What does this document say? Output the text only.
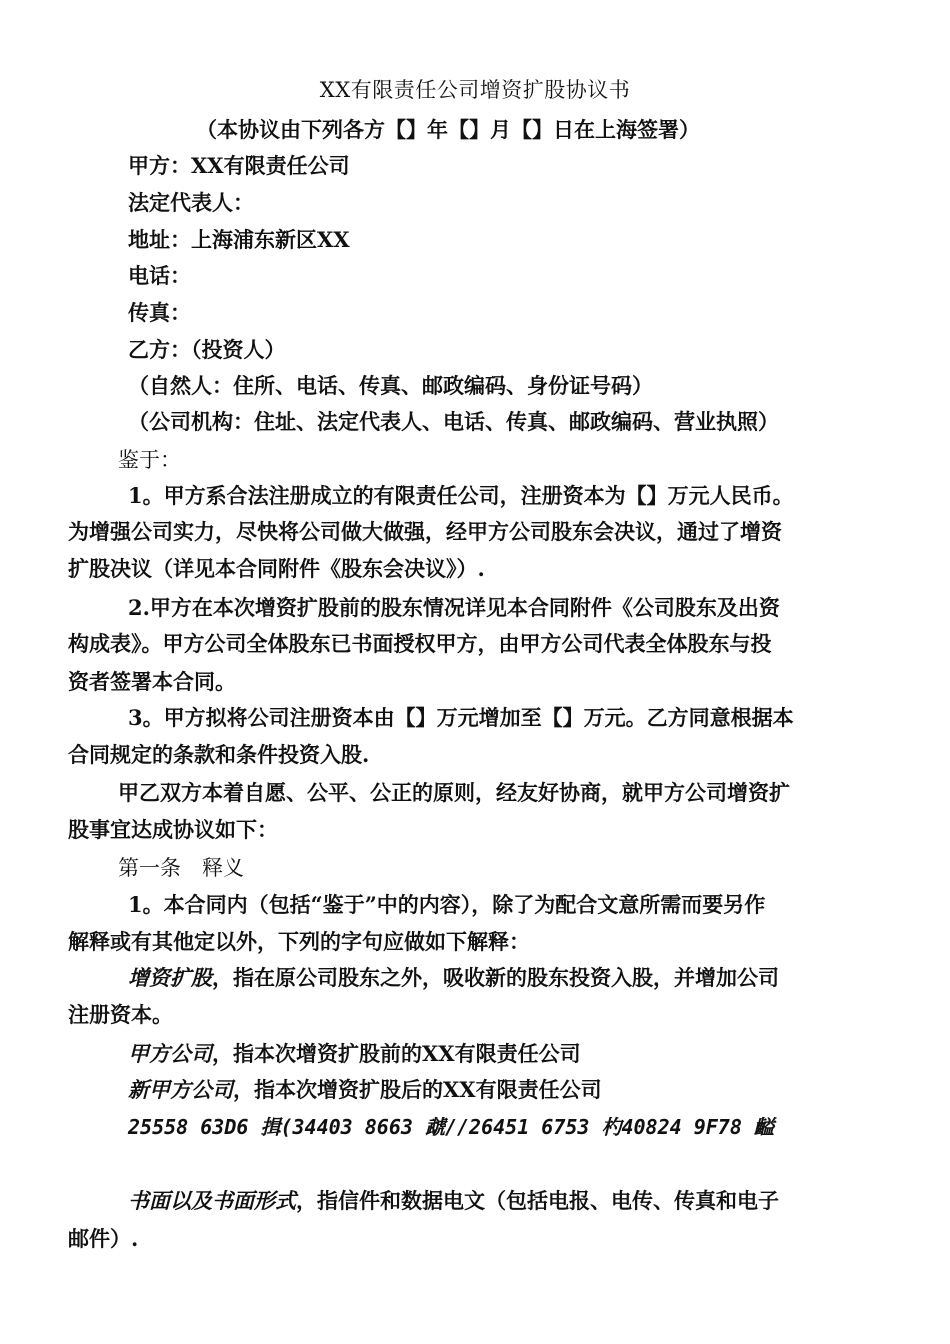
XX有限责任公司增资扩股协议书
（本协议由下列各方【】年【】月【】日在上海签署）
甲方：XX有限责任公司
法定代表人：
地址：上海浦东新区XX
电话：
传真：
乙方：（投资人）
（自然人：住所、电话、传真、邮政编码、身份证号码）
（公司机构：住址、法定代表人、电话、传真、邮政编码、营业执照）
鉴于：
1。甲方系合法注册成立的有限责任公司，注册资本为【】万元人民币。
为增强公司实力，尽快将公司做大做强，经甲方公司股东会决议，通过了增资
扩股决议（详见本合同附件《股东会决议》）.
2.甲方在本次增资扩股前的股东情况详见本合同附件《公司股东及出资
构成表》。甲方公司全体股东已书面授权甲方，由甲方公司代表全体股东与投
资者签署本合同。
3。甲方拟将公司注册资本由【】万元增加至【】万元。乙方同意根据本
合同规定的条款和条件投资入股.
甲乙双方本着自愿、公平、公正的原则，经友好协商，就甲方公司增资扩
股事宜达成协议如下：
第一条　释义
1。本合同内（包括“鉴于”中的内容），除了为配合文意所需而要另作
解释或有其他定以外，下列的字句应做如下解释：
增资扩股，指在原公司股东之外，吸收新的股东投资入股，并增加公司
注册资本。
甲方公司，指本次增资扩股前的XX有限责任公司
新甲方公司，指本次增资扩股后的XX有限责任公司
25558 63D6 揖(34403 8663 虣//26451 6753 杓40824 9F78 齸
书面以及书面形式，指信件和数据电文（包括电报、电传、传真和电子
邮件）.
